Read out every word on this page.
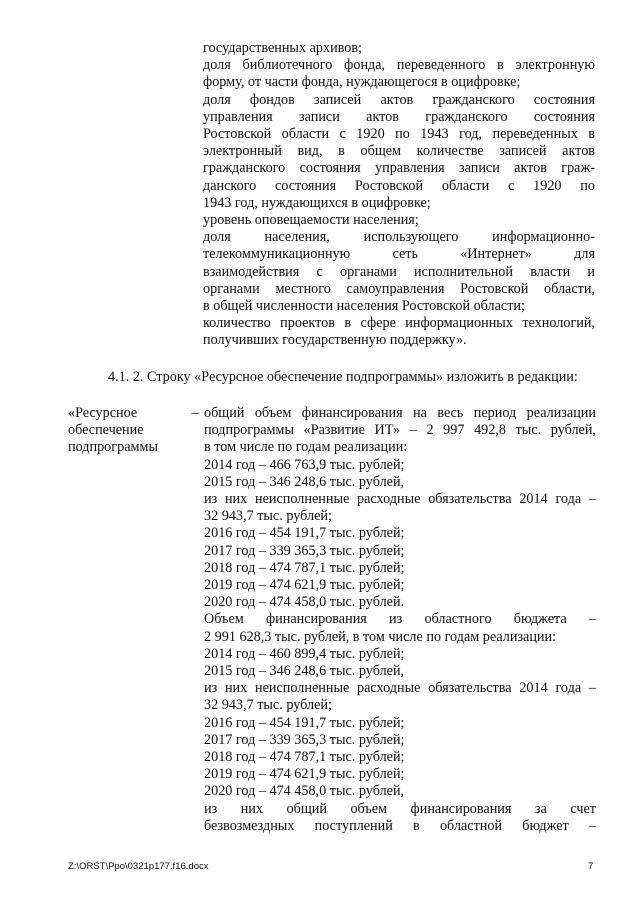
государственных архивов;
доля библиотечного фонда, переведенного в электронную
форму, от части фонда, нуждающегося в оцифровке;
доля фондов записей актов гражданского состояния
управления записи актов гражданского состояния
Ростовской области с 1920 по 1943 год, переведенных в
электронный вид, в общем количестве записей актов
гражданского состояния управления записи актов граж-
данского состояния Ростовской области с 1920 по
1943 год, нуждающихся в оцифровке;
уровень оповещаемости населения;
доля населения, использующего информационно-
телекоммуникационную сеть «Интернет» для
взаимодействия с органами исполнительной власти и
органами местного самоуправления Ростовской области,
в общей численности населения Ростовской области;
количество проектов в сфере информационных технологий,
получивших государственную поддержку».
4.1. 2. Строку «Ресурсное обеспечение подпрограммы» изложить в редакции:
«Ресурсное
обеспечение
подпрограммы
– общий объем финансирования на весь период реализации
подпрограммы «Развитие ИТ» – 2 997 492,8 тыс. рублей,
в том числе по годам реализации:
2014 год – 466 763,9 тыс. рублей;
2015 год – 346 248,6 тыс. рублей,
из них неисполненные расходные обязательства 2014 года –
32 943,7 тыс. рублей;
2016 год – 454 191,7 тыс. рублей;
2017 год – 339 365,3 тыс. рублей;
2018 год – 474 787,1 тыс. рублей;
2019 год – 474 621,9 тыс. рублей;
2020 год – 474 458,0 тыс. рублей.
Объем финансирования из областного бюджета –
2 991 628,3 тыс. рублей, в том числе по годам реализации:
2014 год – 460 899,4 тыс. рублей;
2015 год – 346 248,6 тыс. рублей,
из них неисполненные расходные обязательства 2014 года –
32 943,7 тыс. рублей;
2016 год – 454 191,7 тыс. рублей;
2017 год – 339 365,3 тыс. рублей;
2018 год – 474 787,1 тыс. рублей;
2019 год – 474 621,9 тыс. рублей;
2020 год – 474 458,0 тыс. рублей,
из них общий объем финансирования за счет
безвозмездных поступлений в областной бюджет –
Z:\ORST\Ppo\0321p177.f16.docx	7
